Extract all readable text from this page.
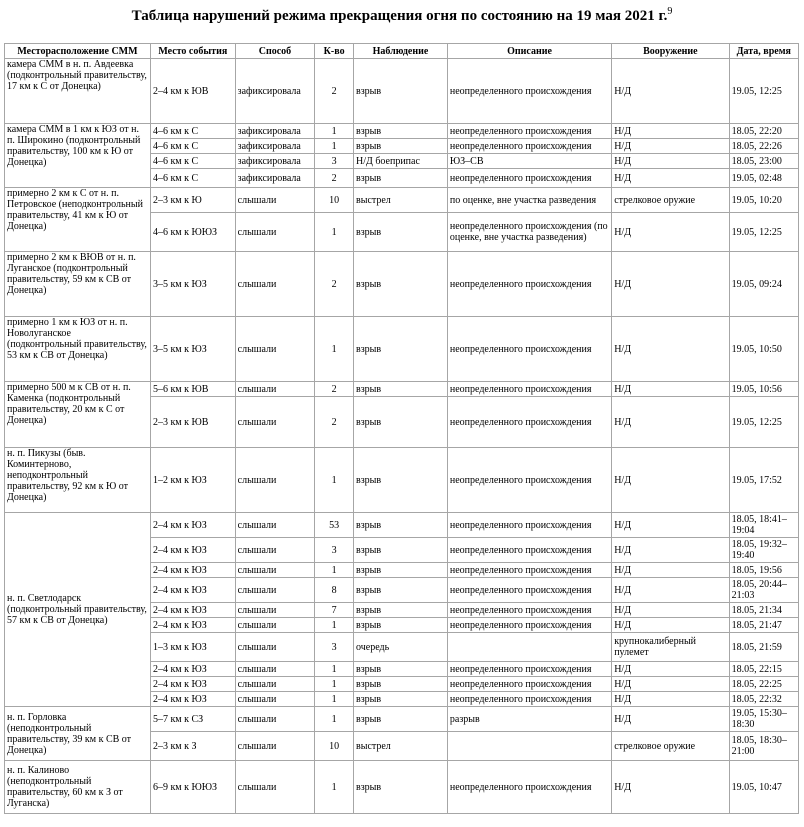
Таблица нарушений режима прекращения огня по состоянию на 19 мая 2021 г.$^9$
Месторасположение СММ	Место события	Способ	К-во	Наблюдение	Описание	Вооружение	Дата, время
камера СММ в н. п. Авдеевка (подконтрольный правительству, 17 км к С от Донецка)	2–4 км к ЮВ	зафиксировала	2	взрыв	неопределенного происхождения	Н/Д	19.05, 12:25
камера СММ в 1 км к ЮЗ от н. п. Широкино (подконтрольный правительству, 100 км к Ю от Донецка)	4–6 км к С	зафиксировала	1	взрыв	неопределенного происхождения	Н/Д	18.05, 22:20
	4–6 км к С	зафиксировала	1	взрыв	неопределенного происхождения	Н/Д	18.05, 22:26
	4–6 км к С	зафиксировала	3	Н/Д боеприпас	ЮЗ–СВ	Н/Д	18.05, 23:00
	4–6 км к С	зафиксировала	2	взрыв	неопределенного происхождения	Н/Д	19.05, 02:48
примерно 2 км к С от н. п. Петровское (неподконтрольный правительству, 41 км к Ю от Донецка)	2–3 км к Ю	слышали	10	выстрел	по оценке, вне участка разведения	стрелковое оружие	19.05, 10:20
	4–6 км к ЮЮЗ	слышали	1	взрыв	неопределенного происхождения (по оценке, вне участка разведения)	Н/Д	19.05, 12:25
примерно 2 км к ВЮВ от н. п. Луганское (подконтрольный правительству, 59 км к СВ от Донецка)	3–5 км к ЮЗ	слышали	2	взрыв	неопределенного происхождения	Н/Д	19.05, 09:24
примерно 1 км к ЮЗ от н. п. Новолуганское (подконтрольный правительству, 53 км к СВ от Донецка)	3–5 км к ЮЗ	слышали	1	взрыв	неопределенного происхождения	Н/Д	19.05, 10:50
примерно 500 м к СВ от н. п. Каменка (подконтрольный правительству, 20 км к С от Донецка)	5–6 км к ЮВ	слышали	2	взрыв	неопределенного происхождения	Н/Д	19.05, 10:56
	2–3 км к ЮВ	слышали	2	взрыв	неопределенного происхождения	Н/Д	19.05, 12:25
н. п. Пикузы (быв. Коминтерново, неподконтрольный правительству, 92 км к Ю от Донецка)	1–2 км к ЮЗ	слышали	1	взрыв	неопределенного происхождения	Н/Д	19.05, 17:52
н. п. Светлодарск (подконтрольный правительству, 57 км к СВ от Донецка)	2–4 км к ЮЗ	слышали	53	взрыв	неопределенного происхождения	Н/Д	18.05, 18:41–19:04
	2–4 км к ЮЗ	слышали	3	взрыв	неопределенного происхождения	Н/Д	18.05, 19:32–19:40
	2–4 км к ЮЗ	слышали	1	взрыв	неопределенного происхождения	Н/Д	18.05, 19:56
	2–4 км к ЮЗ	слышали	8	взрыв	неопределенного происхождения	Н/Д	18.05, 20:44–21:03
	2–4 км к ЮЗ	слышали	7	взрыв	неопределенного происхождения	Н/Д	18.05, 21:34
	2–4 км к ЮЗ	слышали	1	взрыв	неопределенного происхождения	Н/Д	18.05, 21:47
	1–3 км к ЮЗ	слышали	3	очередь		крупнокалиберный пулемет	18.05, 21:59
	2–4 км к ЮЗ	слышали	1	взрыв	неопределенного происхождения	Н/Д	18.05, 22:15
	2–4 км к ЮЗ	слышали	1	взрыв	неопределенного происхождения	Н/Д	18.05, 22:25
	2–4 км к ЮЗ	слышали	1	взрыв	неопределенного происхождения	Н/Д	18.05, 22:32
н. п. Горловка (неподконтрольный правительству, 39 км к СВ от Донецка)	5–7 км к СЗ	слышали	1	взрыв	разрыв	Н/Д	19.05, 15:30–18:30
	2–3 км к З	слышали	10	выстрел		стрелковое оружие	18.05, 18:30–21:00
н. п. Калиново (неподконтрольный правительству, 60 км к З от Луганска)	6–9 км к ЮЮЗ	слышали	1	взрыв	неопределенного происхождения	Н/Д	19.05, 10:47
